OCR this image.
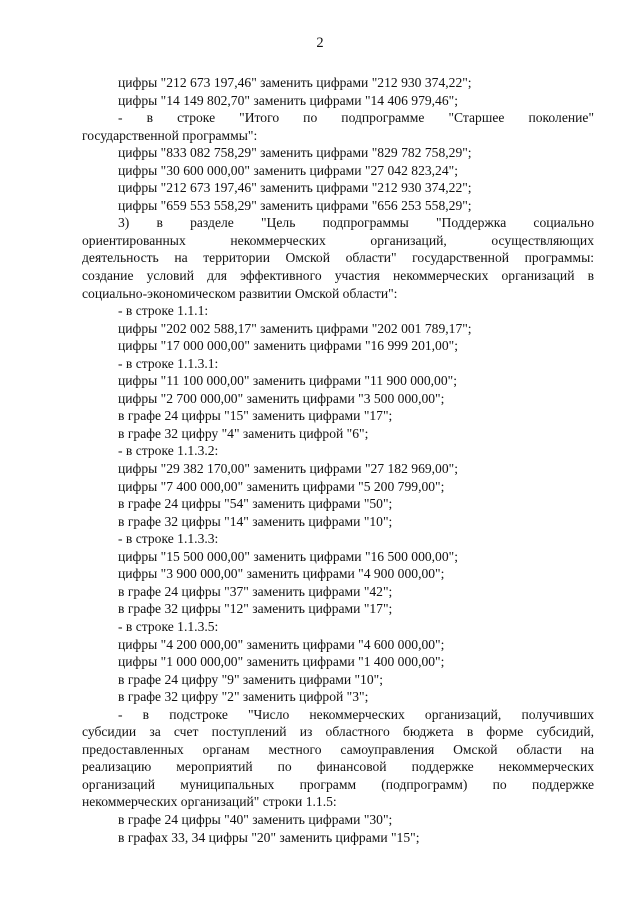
2
цифры "212 673 197,46" заменить цифрами "212 930 374,22";
цифры "14 149 802,70" заменить цифрами "14 406 979,46";
- в строке "Итого по подпрограмме "Старшее поколение"
государственной программы":
цифры "833 082 758,29" заменить цифрами "829 782 758,29";
цифры "30 600 000,00" заменить цифрами "27 042 823,24";
цифры "212 673 197,46" заменить цифрами "212 930 374,22";
цифры "659 553 558,29" заменить цифрами "656 253 558,29";
3) в разделе "Цель подпрограммы "Поддержка социально
ориентированных некоммерческих организаций, осуществляющих
деятельность на территории Омской области" государственной программы:
создание условий для эффективного участия некоммерческих организаций в
социально-экономическом развитии Омской области":
- в строке 1.1.1:
цифры "202 002 588,17" заменить цифрами "202 001 789,17";
цифры "17 000 000,00" заменить цифрами "16 999 201,00";
- в строке 1.1.3.1:
цифры "11 100 000,00" заменить цифрами "11 900 000,00";
цифры "2 700 000,00" заменить цифрами "3 500 000,00";
в графе 24 цифры "15" заменить цифрами "17";
в графе 32 цифру "4" заменить цифрой "6";
- в строке 1.1.3.2:
цифры "29 382 170,00" заменить цифрами "27 182 969,00";
цифры "7 400 000,00" заменить цифрами "5 200 799,00";
в графе 24 цифры "54" заменить цифрами "50";
в графе 32 цифры "14" заменить цифрами "10";
- в строке 1.1.3.3:
цифры "15 500 000,00" заменить цифрами "16 500 000,00";
цифры "3 900 000,00" заменить цифрами "4 900 000,00";
в графе 24 цифры "37" заменить цифрами "42";
в графе 32 цифры "12" заменить цифрами "17";
- в строке 1.1.3.5:
цифры "4 200 000,00" заменить цифрами "4 600 000,00";
цифры "1 000 000,00" заменить цифрами "1 400 000,00";
в графе 24 цифру "9" заменить цифрами "10";
в графе 32 цифру "2" заменить цифрой "3";
- в подстроке "Число некоммерческих организаций, получивших
субсидии за счет поступлений из областного бюджета в форме субсидий,
предоставленных органам местного самоуправления Омской области на
реализацию мероприятий по финансовой поддержке некоммерческих
организаций муниципальных программ (подпрограмм) по поддержке
некоммерческих организаций" строки 1.1.5:
в графе 24 цифры "40" заменить цифрами "30";
в графах 33, 34 цифры "20" заменить цифрами "15";
